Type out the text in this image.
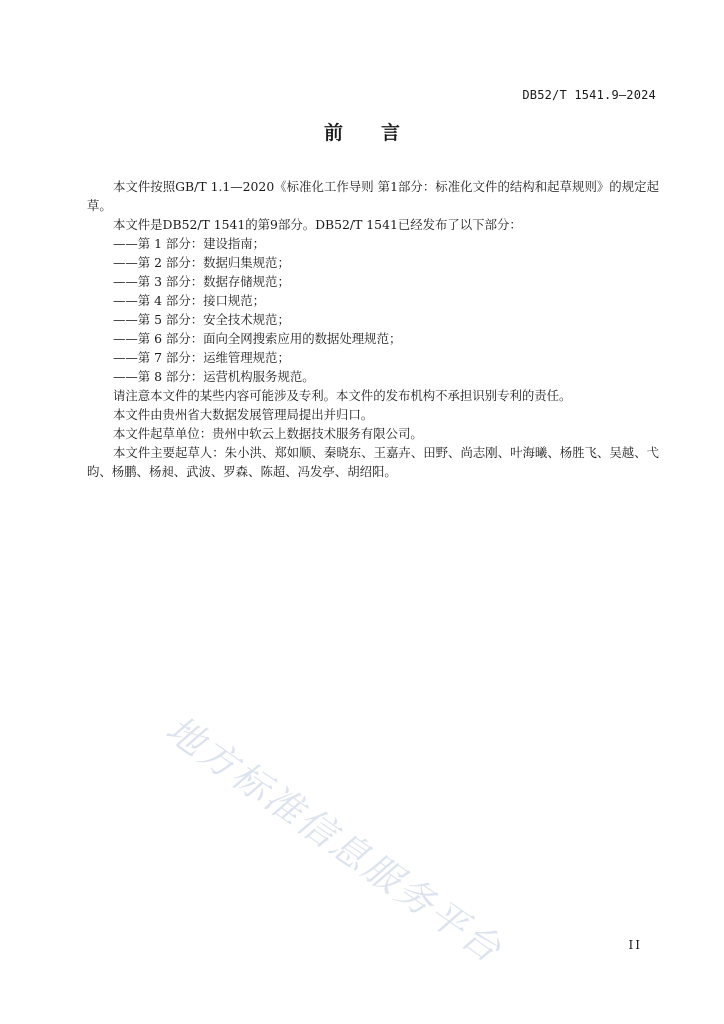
DB52/T 1541.9—2024
前言

本文件按照GB/T 1.1—2020《标准化工作导则 第1部分：标准化文件的结构和起草规则》的规定起草。

本文件是DB52/T 1541的第9部分。DB52/T 1541已经发布了以下部分：

——第 1 部分：建设指南；

——第 2 部分：数据归集规范；

——第 3 部分：数据存储规范；

——第 4 部分：接口规范；

——第 5 部分：安全技术规范；

——第 6 部分：面向全网搜索应用的数据处理规范；

——第 7 部分：运维管理规范；

——第 8 部分：运营机构服务规范。

请注意本文件的某些内容可能涉及专利。本文件的发布机构不承担识别专利的责任。

本文件由贵州省大数据发展管理局提出并归口。

本文件起草单位：贵州中软云上数据技术服务有限公司。

本文件主要起草人：朱小洪、郑如顺、秦晓东、王嘉卉、田野、尚志刚、叶海曦、杨胜飞、吴越、弋昀、杨鹏、杨昶、武波、罗森、陈超、冯发亭、胡绍阳。

地方标准信息服务平台	II
